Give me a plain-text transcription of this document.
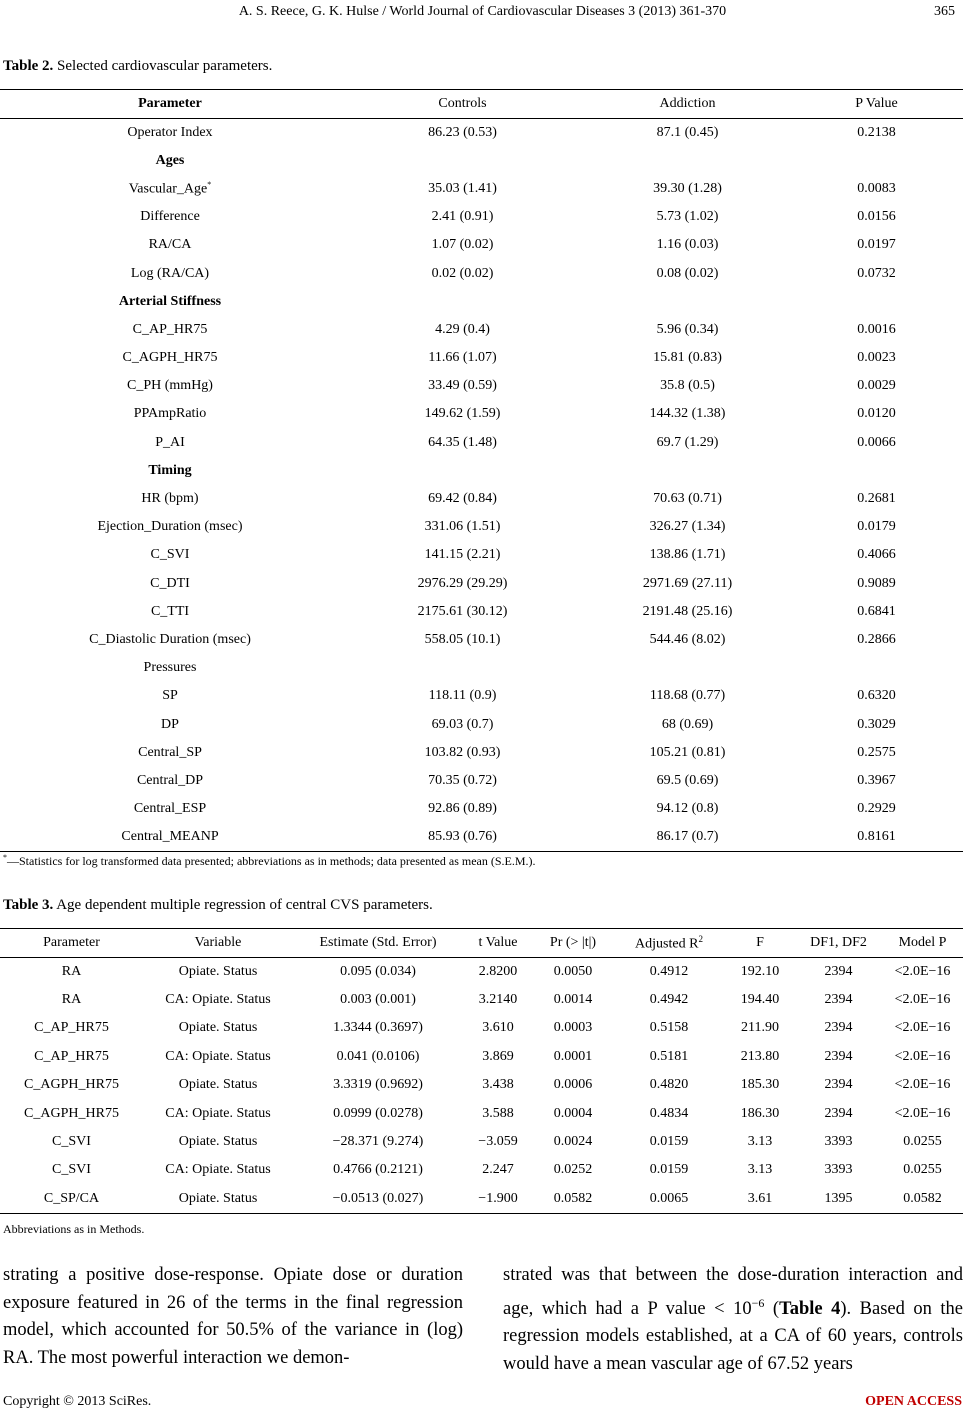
A. S. Reece, G. K. Hulse / World Journal of Cardiovascular Diseases 3 (2013) 361-370	365
Table 2. Selected cardiovascular parameters.
Parameter	Controls	Addiction	P Value
Operator Index	86.23 (0.53)	87.1 (0.45)	0.2138
Ages			
Vascular_Age*	35.03 (1.41)	39.30 (1.28)	0.0083
Difference	2.41 (0.91)	5.73 (1.02)	0.0156
RA/CA	1.07 (0.02)	1.16 (0.03)	0.0197
Log (RA/CA)	0.02 (0.02)	0.08 (0.02)	0.0732
Arterial Stiffness			
C_AP_HR75	4.29 (0.4)	5.96 (0.34)	0.0016
C_AGPH_HR75	11.66 (1.07)	15.81 (0.83)	0.0023
C_PH (mmHg)	33.49 (0.59)	35.8 (0.5)	0.0029
PPAmpRatio	149.62 (1.59)	144.32 (1.38)	0.0120
P_AI	64.35 (1.48)	69.7 (1.29)	0.0066
Timing			
HR (bpm)	69.42 (0.84)	70.63 (0.71)	0.2681
Ejection_Duration (msec)	331.06 (1.51)	326.27 (1.34)	0.0179
C_SVI	141.15 (2.21)	138.86 (1.71)	0.4066
C_DTI	2976.29 (29.29)	2971.69 (27.11)	0.9089
C_TTI	2175.61 (30.12)	2191.48 (25.16)	0.6841
C_Diastolic Duration (msec)	558.05 (10.1)	544.46 (8.02)	0.2866
Pressures			
SP	118.11 (0.9)	118.68 (0.77)	0.6320
DP	69.03 (0.7)	68 (0.69)	0.3029
Central_SP	103.82 (0.93)	105.21 (0.81)	0.2575
Central_DP	70.35 (0.72)	69.5 (0.69)	0.3967
Central_ESP	92.86 (0.89)	94.12 (0.8)	0.2929
Central_MEANP	85.93 (0.76)	86.17 (0.7)	0.8161
*—Statistics for log transformed data presented; abbreviations as in methods; data presented as mean (S.E.M.).
Table 3. Age dependent multiple regression of central CVS parameters.
Parameter	Variable	Estimate (Std. Error)	t Value	Pr (> |t|)	Adjusted $R^2$	F	DF1, DF2	Model P
RA	Opiate. Status	0.095 (0.034)	2.8200	0.0050	0.4912	192.10	2394	<2.0E−16
RA	CA: Opiate. Status	0.003 (0.001)	3.2140	0.0014	0.4942	194.40	2394	<2.0E−16
C_AP_HR75	Opiate. Status	1.3344 (0.3697)	3.610	0.0003	0.5158	211.90	2394	<2.0E−16
C_AP_HR75	CA: Opiate. Status	0.041 (0.0106)	3.869	0.0001	0.5181	213.80	2394	<2.0E−16
C_AGPH_HR75	Opiate. Status	3.3319 (0.9692)	3.438	0.0006	0.4820	185.30	2394	<2.0E−16
C_AGPH_HR75	CA: Opiate. Status	0.0999 (0.0278)	3.588	0.0004	0.4834	186.30	2394	<2.0E−16
C_SVI	Opiate. Status	−28.371 (9.274)	−3.059	0.0024	0.0159	3.13	3393	0.0255
C_SVI	CA: Opiate. Status	0.4766 (0.2121)	2.247	0.0252	0.0159	3.13	3393	0.0255
C_SP/CA	Opiate. Status	−0.0513 (0.027)	−1.900	0.0582	0.0065	3.61	1395	0.0582
Abbreviations as in Methods.
strating a positive dose-response. Opiate dose or duration exposure featured in 26 of the terms in the final regression model, which accounted for 50.5% of the variance in (log) RA. The most powerful interaction we demon-
strated was that between the dose-duration interaction and age, which had a P value < $10^{-6}$ (Table 4). Based on the regression models established, at a CA of 60 years, controls would have a mean vascular age of 67.52 years
Copyright © 2013 SciRes.	OPEN ACCESS
